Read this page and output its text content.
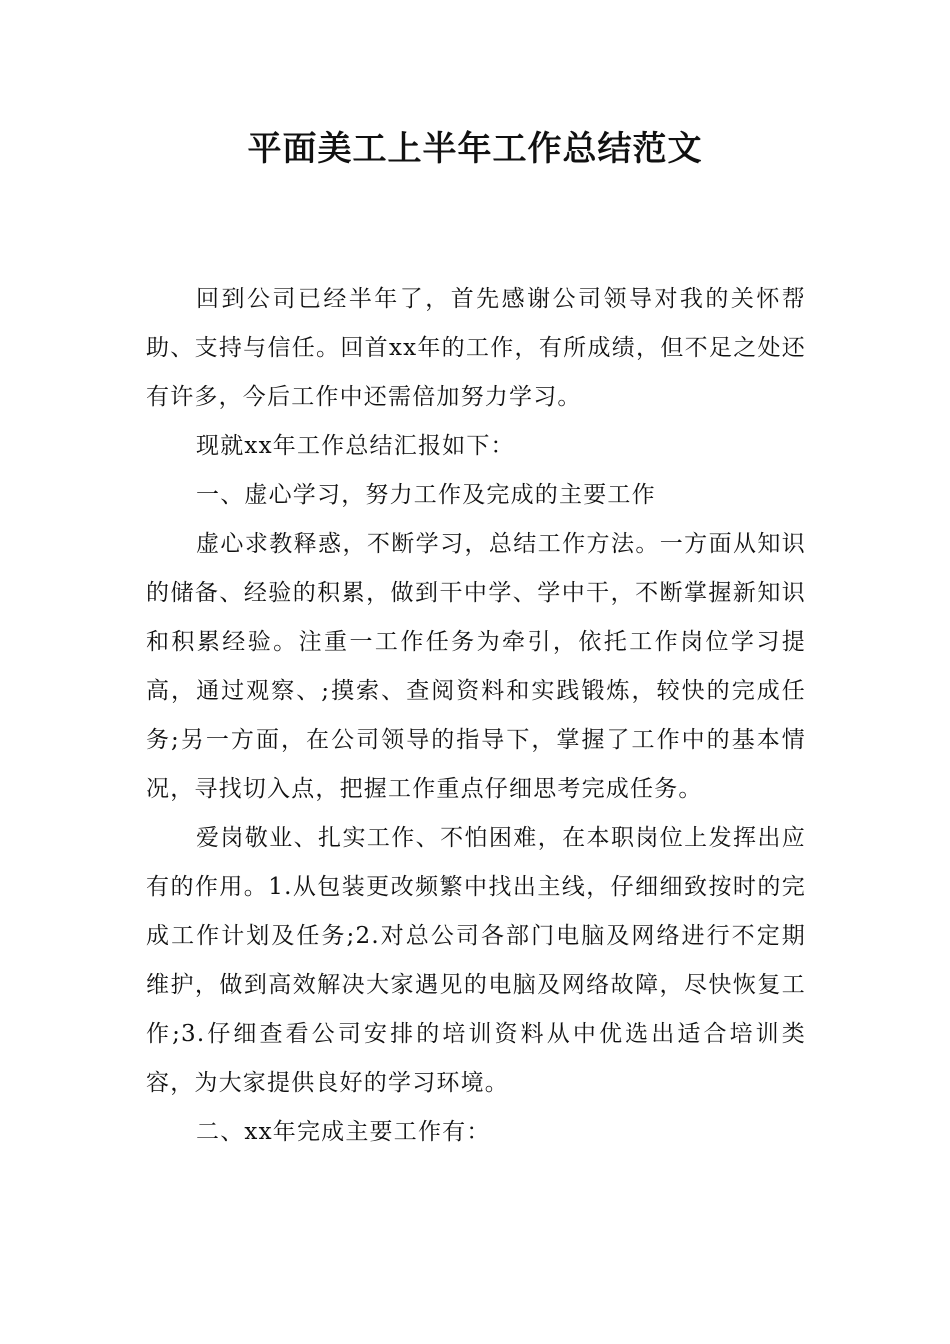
平面美工上半年工作总结范文

回到公司已经半年了，首先感谢公司领导对我的关怀帮助、支持与信任。回首xx年的工作，有所成绩，但不足之处还有许多，今后工作中还需倍加努力学习。

现就xx年工作总结汇报如下：

一、虚心学习，努力工作及完成的主要工作

虚心求教释惑，不断学习，总结工作方法。一方面从知识的储备、经验的积累，做到干中学、学中干，不断掌握新知识和积累经验。注重一工作任务为牵引，依托工作岗位学习提高，通过观察、;摸索、查阅资料和实践锻炼，较快的完成任务;另一方面，在公司领导的指导下，掌握了工作中的基本情况，寻找切入点，把握工作重点仔细思考完成任务。

爱岗敬业、扎实工作、不怕困难，在本职岗位上发挥出应有的作用。1.从包装更改频繁中找出主线，仔细细致按时的完成工作计划及任务;2.对总公司各部门电脑及网络进行不定期维护，做到高效解决大家遇见的电脑及网络故障，尽快恢复工作;3.仔细查看公司安排的培训资料从中优选出适合培训类容，为大家提供良好的学习环境。

二、xx年完成主要工作有：
